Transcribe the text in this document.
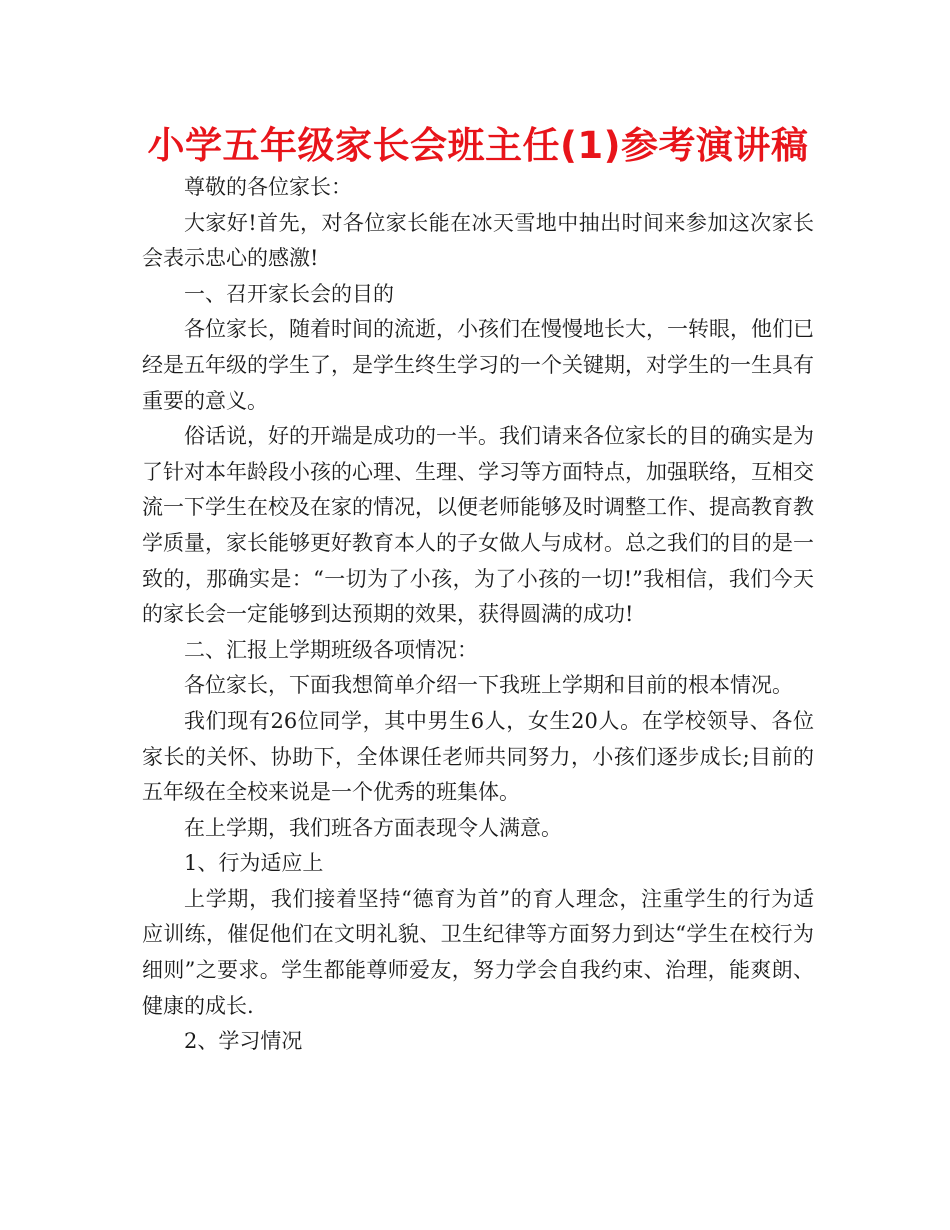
小学五年级家长会班主任(1)参考演讲稿

尊敬的各位家长：

大家好!首先，对各位家长能在冰天雪地中抽出时间来参加这次家长会表示忠心的感激!

一、召开家长会的目的

各位家长，随着时间的流逝，小孩们在慢慢地长大，一转眼，他们已经是五年级的学生了，是学生终生学习的一个关键期，对学生的一生具有重要的意义。

俗话说，好的开端是成功的一半。我们请来各位家长的目的确实是为了针对本年龄段小孩的心理、生理、学习等方面特点，加强联络，互相交流一下学生在校及在家的情况，以便老师能够及时调整工作、提高教育教学质量，家长能够更好教育本人的子女做人与成材。总之我们的目的是一致的，那确实是：“一切为了小孩，为了小孩的一切!”我相信，我们今天的家长会一定能够到达预期的效果，获得圆满的成功!

二、汇报上学期班级各项情况：

各位家长，下面我想简单介绍一下我班上学期和目前的根本情况。

我们现有26位同学，其中男生6人，女生20人。在学校领导、各位家长的关怀、协助下，全体课任老师共同努力，小孩们逐步成长;目前的五年级在全校来说是一个优秀的班集体。

在上学期，我们班各方面表现令人满意。

1、行为适应上

上学期，我们接着坚持“德育为首”的育人理念，注重学生的行为适应训练，催促他们在文明礼貌、卫生纪律等方面努力到达“学生在校行为细则”之要求。学生都能尊师爱友，努力学会自我约束、治理，能爽朗、健康的成长.

2、学习情况
